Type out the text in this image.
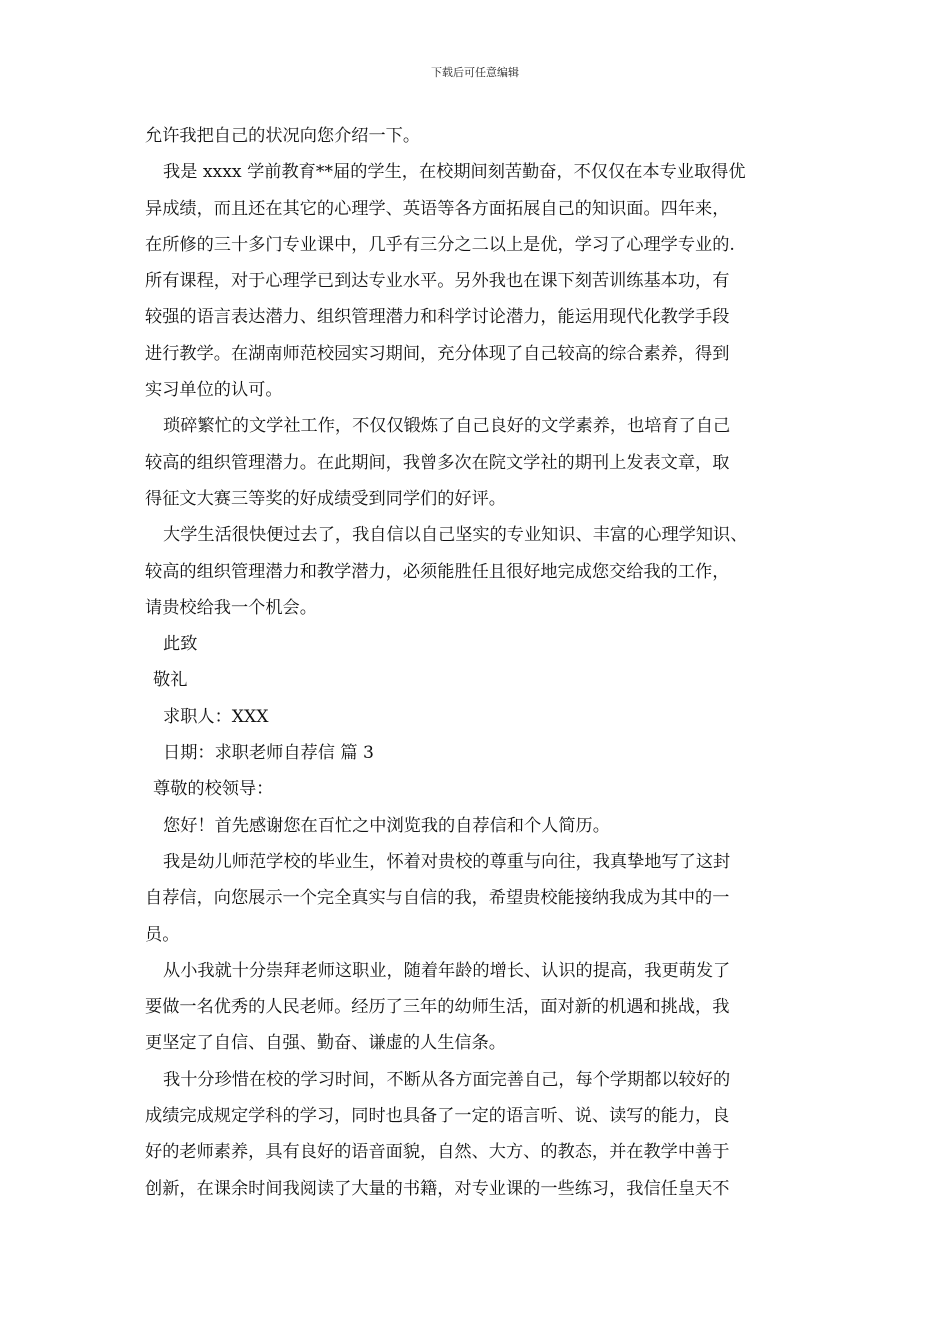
下载后可任意编辑
允许我把自己的状况向您介绍一下。
我是 xxxx 学前教育**届的学生，在校期间刻苦勤奋，不仅仅在本专业取得优
异成绩，而且还在其它的心理学、英语等各方面拓展自己的知识面。四年来，
在所修的三十多门专业课中，几乎有三分之二以上是优，学习了心理学专业的.
所有课程，对于心理学已到达专业水平。另外我也在课下刻苦训练基本功，有
较强的语言表达潜力、组织管理潜力和科学讨论潜力，能运用现代化教学手段
进行教学。在湖南师范校园实习期间，充分体现了自己较高的综合素养，得到
实习单位的认可。
琐碎繁忙的文学社工作，不仅仅锻炼了自己良好的文学素养，也培育了自己
较高的组织管理潜力。在此期间，我曾多次在院文学社的期刊上发表文章，取
得征文大赛三等奖的好成绩受到同学们的好评。
大学生活很快便过去了，我自信以自己坚实的专业知识、丰富的心理学知识、
较高的组织管理潜力和教学潜力，必须能胜任且很好地完成您交给我的工作，
请贵校给我一个机会。
此致
敬礼
求职人：XXX
日期：求职老师自荐信 篇 3
尊敬的校领导：
您好！首先感谢您在百忙之中浏览我的自荐信和个人简历。
我是幼儿师范学校的毕业生，怀着对贵校的尊重与向往，我真挚地写了这封
自荐信，向您展示一个完全真实与自信的我，希望贵校能接纳我成为其中的一
员。
从小我就十分崇拜老师这职业，随着年龄的增长、认识的提高，我更萌发了
要做一名优秀的人民老师。经历了三年的幼师生活，面对新的机遇和挑战，我
更坚定了自信、自强、勤奋、谦虚的人生信条。
我十分珍惜在校的学习时间，不断从各方面完善自己，每个学期都以较好的
成绩完成规定学科的学习，同时也具备了一定的语言听、说、读写的能力，良
好的老师素养，具有良好的语音面貌，自然、大方、的教态，并在教学中善于
创新，在课余时间我阅读了大量的书籍，对专业课的一些练习，我信任皇天不
